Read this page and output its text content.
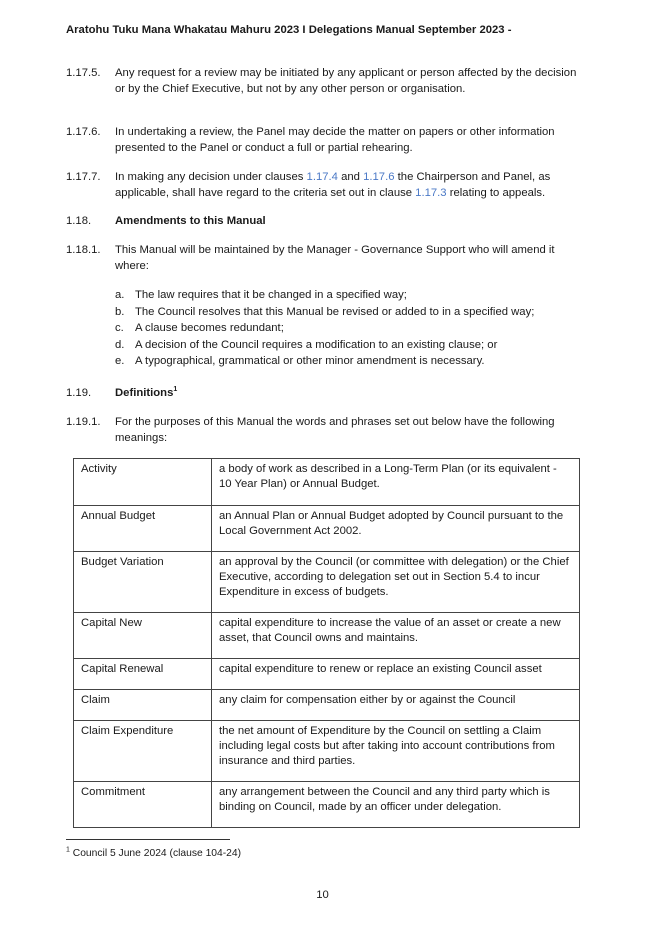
Aratohu Tuku Mana Whakatau Mahuru 2023 I Delegations Manual September 2023 -
1.17.5. Any request for a review may be initiated by any applicant or person affected by the decision or by the Chief Executive, but not by any other person or organisation.
1.17.6. In undertaking a review, the Panel may decide the matter on papers or other information presented to the Panel or conduct a full or partial rehearing.
1.17.7. In making any decision under clauses 1.17.4 and 1.17.6 the Chairperson and Panel, as applicable, shall have regard to the criteria set out in clause 1.17.3 relating to appeals.
1.18. Amendments to this Manual
1.18.1. This Manual will be maintained by the Manager - Governance Support who will amend it where:
a. The law requires that it be changed in a specified way;
b. The Council resolves that this Manual be revised or added to in a specified way;
c. A clause becomes redundant;
d. A decision of the Council requires a modification to an existing clause; or
e. A typographical, grammatical or other minor amendment is necessary.
1.19. Definitions$^1$
1.19.1. For the purposes of this Manual the words and phrases set out below have the following meanings:
Activity	a body of work as described in a Long-Term Plan (or its equivalent - 10 Year Plan) or Annual Budget.
Annual Budget	an Annual Plan or Annual Budget adopted by Council pursuant to the Local Government Act 2002.
Budget Variation	an approval by the Council (or committee with delegation) or the Chief Executive, according to delegation set out in Section 5.4 to incur Expenditure in excess of budgets.
Capital New	capital expenditure to increase the value of an asset or create a new asset, that Council owns and maintains.
Capital Renewal	capital expenditure to renew or replace an existing Council asset
Claim	any claim for compensation either by or against the Council
Claim Expenditure	the net amount of Expenditure by the Council on settling a Claim including legal costs but after taking into account contributions from insurance and third parties.
Commitment	any arrangement between the Council and any third party which is binding on Council, made by an officer under delegation.
$^1$ Council 5 June 2024 (clause 104-24)
10
